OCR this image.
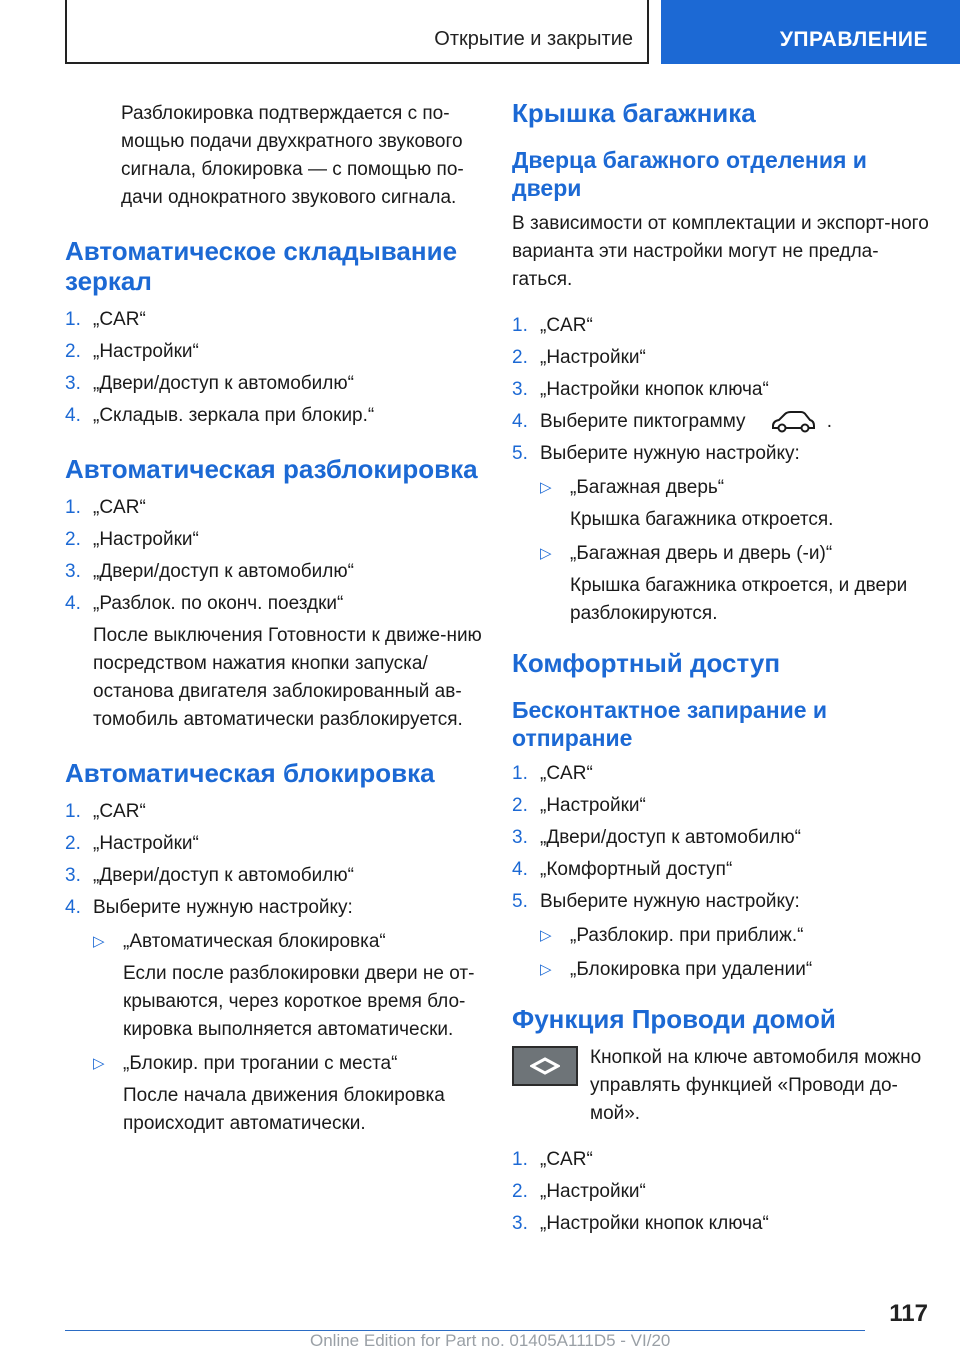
Открытие и закрытие	УПРАВЛЕНИЕ

Разблокировка подтверждается с по-мощью подачи двухкратного звукового сигнала, блокировка — с помощью по-дачи однократного звукового сигнала.

Автоматическое складывание зеркал
1. „CAR“
2. „Настройки“
3. „Двери/доступ к автомобилю“
4. „Складыв. зеркала при блокир.“
Автоматическая разблокировка
1. „CAR“
2. „Настройки“
3. „Двери/доступ к автомобилю“
4. „Разблок. по оконч. поездки“

После выключения Готовности к движе-нию посредством нажатия кнопки запуска/останова двигателя заблокированный ав-томобиль автоматически разблокируется.

Автоматическая блокировка
1. „CAR“
2. „Настройки“
3. „Двери/доступ к автомобилю“
4. Выберите нужную настройку:
▷ „Автоматическая блокировка“

Если после разблокировки двери не от-крываются, через короткое время бло-кировка выполняется автоматически.

▷ „Блокир. при трогании с места“

После начала движения блокировка происходит автоматически.

Крышка багажника
Дверца багажного отделения и двери

В зависимости от комплектации и экспорт-ного варианта эти настройки могут не предла-гаться.

1. „CAR“
2. „Настройки“
3. „Настройки кнопок ключа“
4. Выберите пиктограмму	.
5. Выберите нужную настройку:
▷ „Багажная дверь“

Крышка багажника откроется.

▷ „Багажная дверь и дверь (-и)“

Крышка багажника откроется, и двери разблокируются.

Комфортный доступ
Бесконтактное запирание и отпирание
1. „CAR“
2. „Настройки“
3. „Двери/доступ к автомобилю“
4. „Комфортный доступ“
5. Выберите нужную настройку:
▷ „Разблокир. при приближ.“
▷ „Блокировка при удалении“
Функция Проводи домой

Кнопкой на ключе автомобиля можно управлять функцией «Проводи до-мой».

1. „CAR“
2. „Настройки“
3. „Настройки кнопок ключа“
117
Online Edition for Part no. 01405A111D5 - VI/20
